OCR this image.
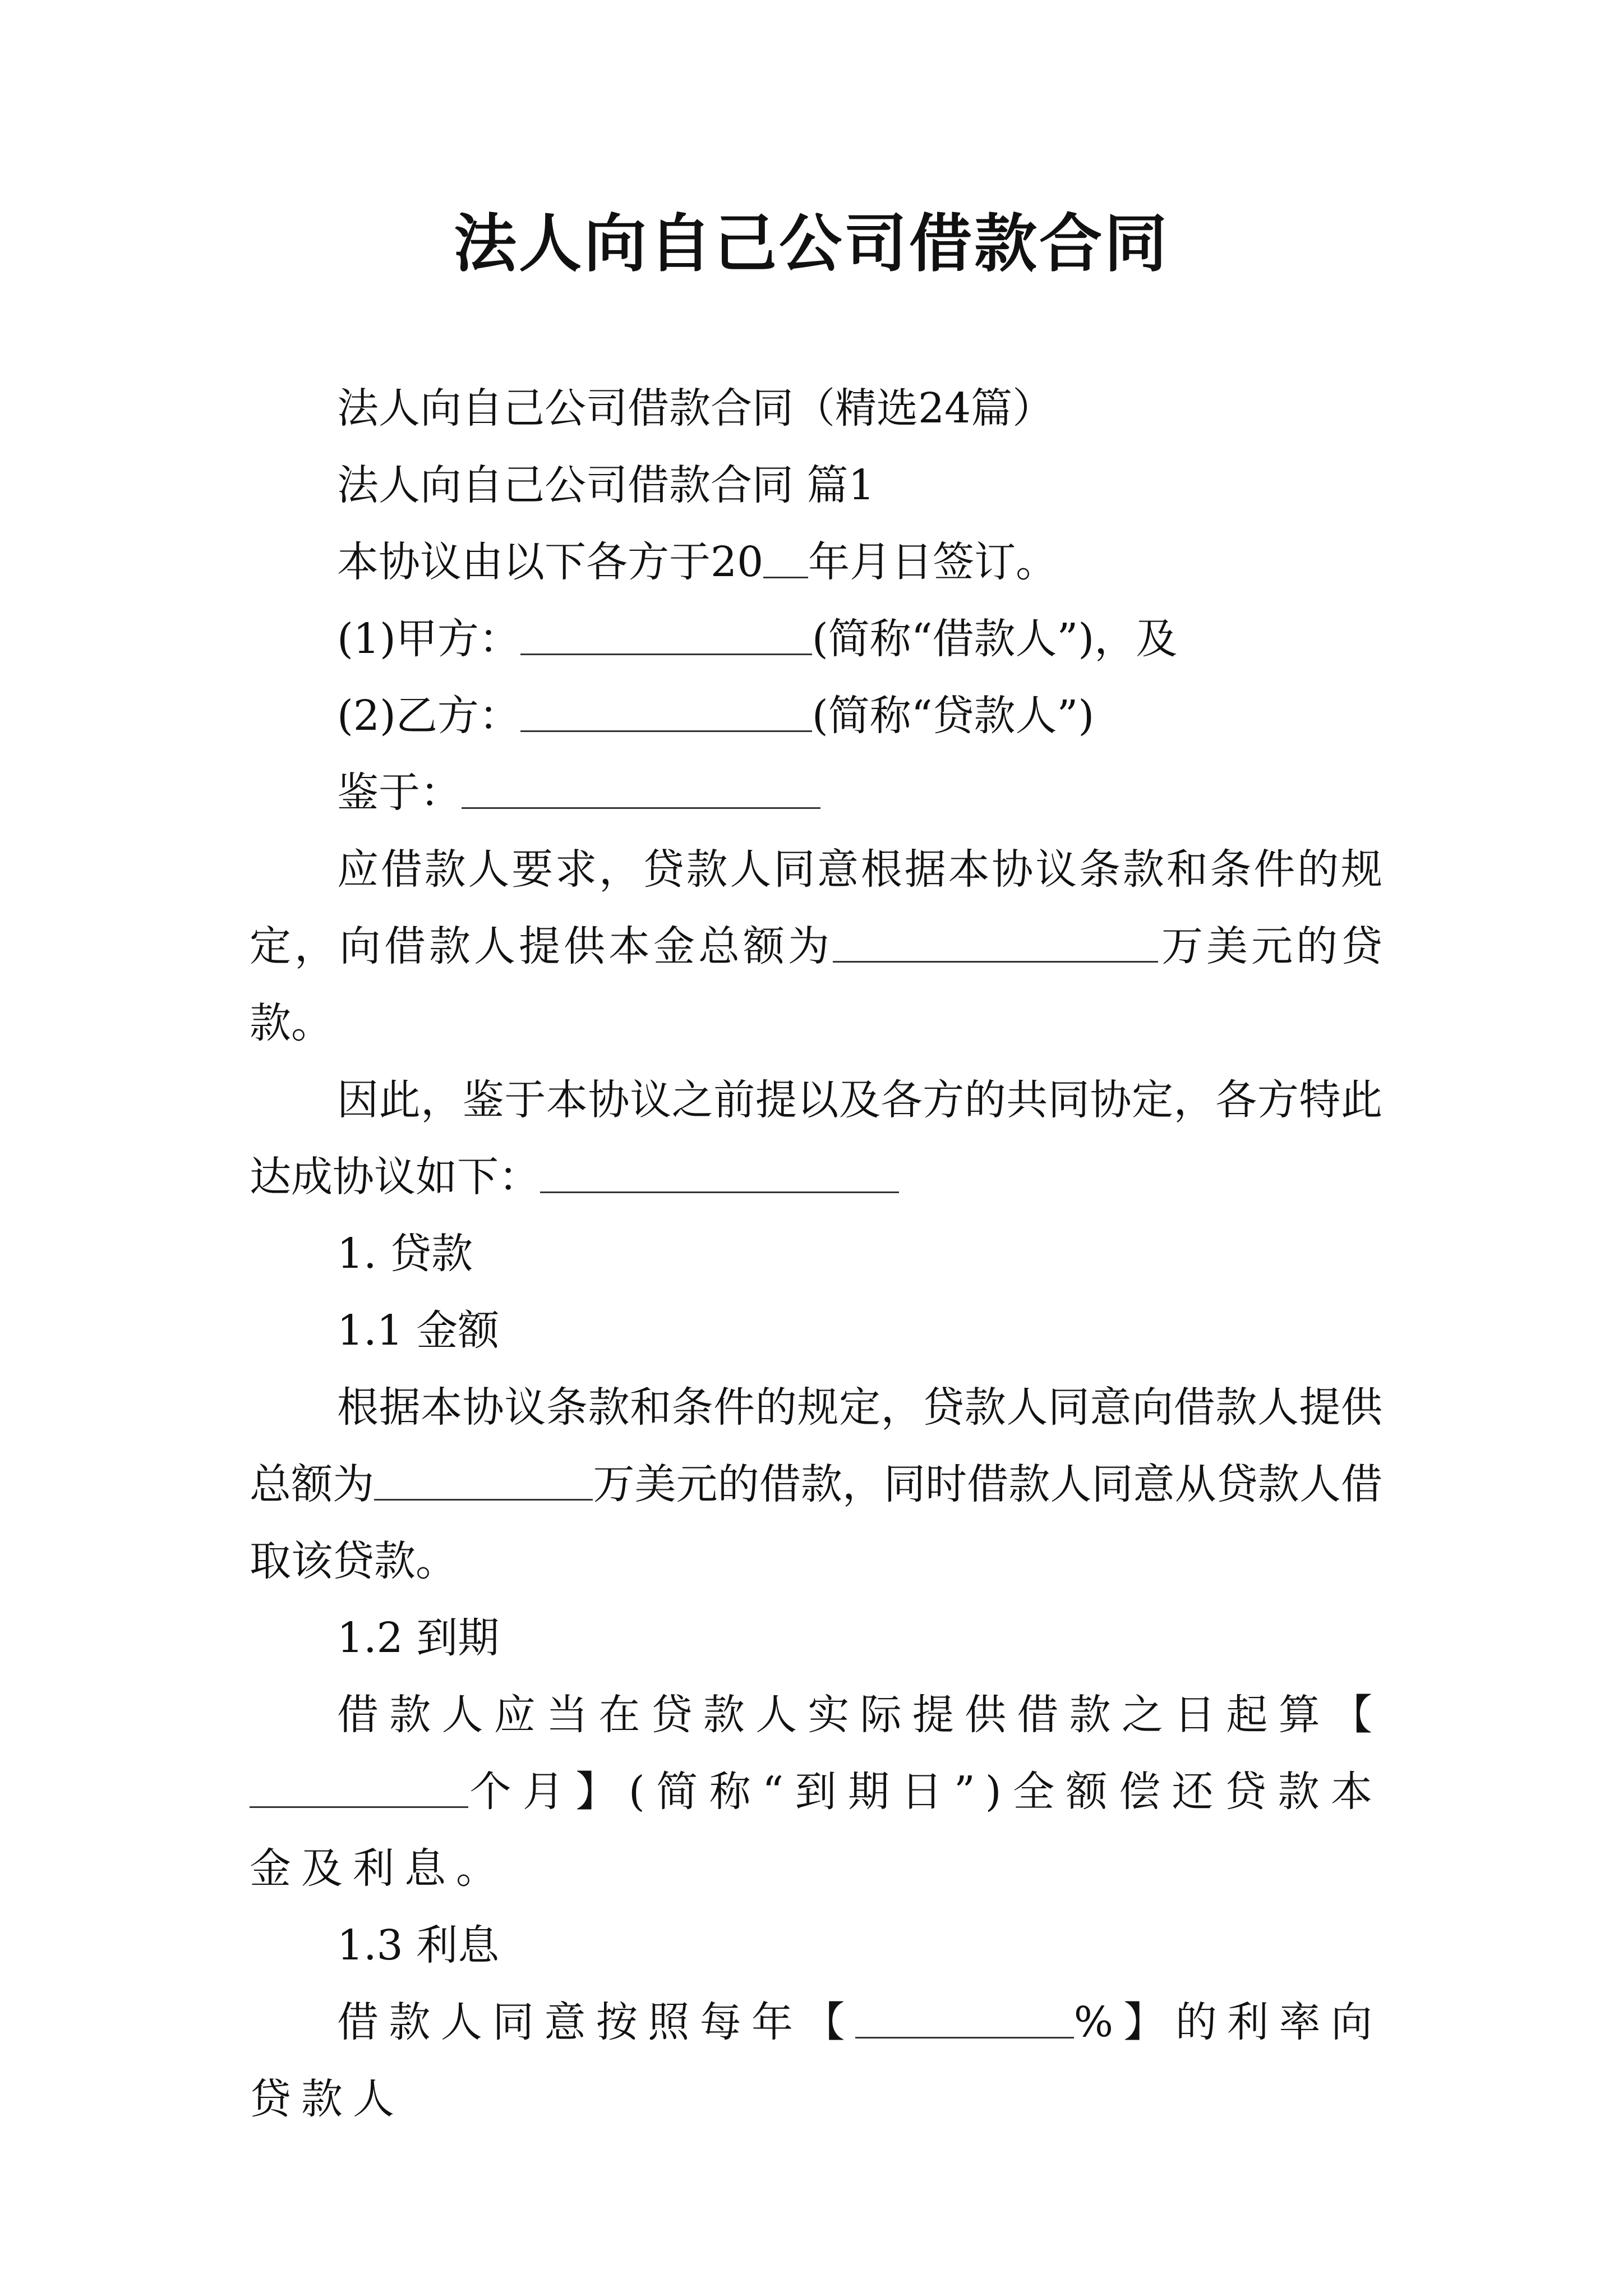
法人向自己公司借款合同

法人向自己公司借款合同（精选24篇）

法人向自己公司借款合同 篇1

本协议由以下各方于20 年月日签订。

(1)甲方：	(简称“借款人”)，及

(2)乙方：	(简称“贷款人”)

鉴于：

应借款人要求，贷款人同意根据本协议条款和条件的规定，向借款人提供本金总额为	万美元的贷款。

因此，鉴于本协议之前提以及各方的共同协定，各方特此达成协议如下：

1. 贷款

1.1 金额

根据本协议条款和条件的规定，贷款人同意向借款人提供总额为	万美元的借款，同时借款人同意从贷款人借取该贷款。

1.2 到期

借款人应当在贷款人实际提供借款之日起算【个月】(简称“到期日”)全额偿还贷款本金及利息。

1.3 利息

借款人同意按照每年【	%】的利率向贷款人
